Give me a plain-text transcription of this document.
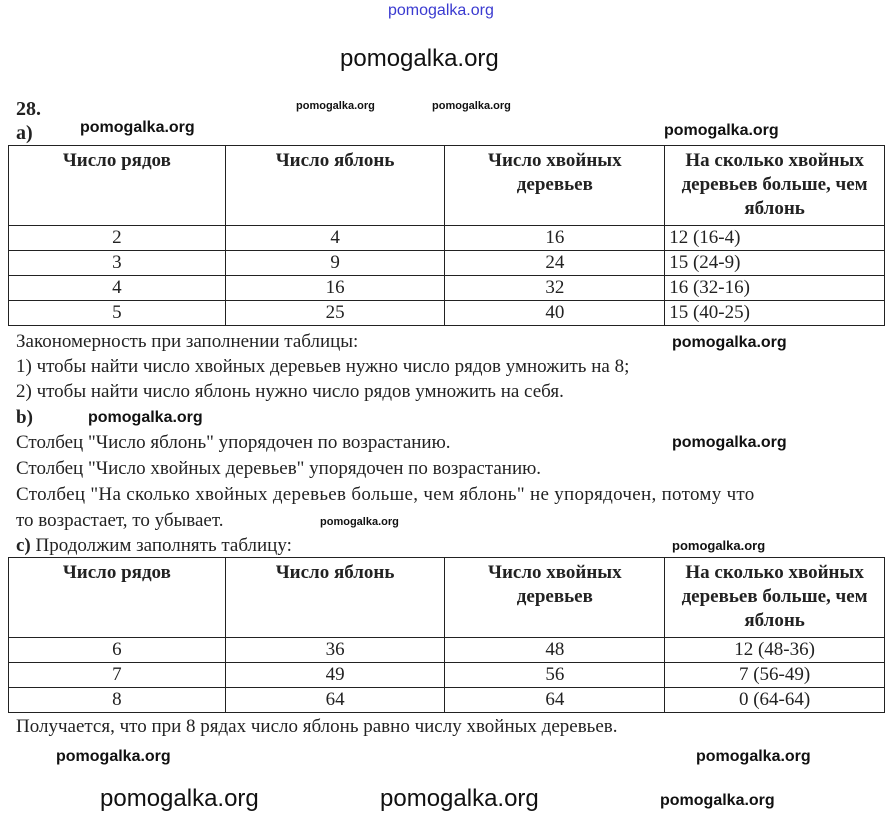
pomogalka.org
28.
a)
Число рядов	Число яблонь	Число хвойных деревьев	На сколько хвойных деревьев больше, чем яблонь
2	4	16	12 (16-4)
3	9	24	15 (24-9)
4	16	32	16 (32-16)
5	25	40	15 (40-25)
Закономерность при заполнении таблицы:
1) чтобы найти число хвойных деревьев нужно число рядов умножить на 8;
2) чтобы найти число яблонь нужно число рядов умножить на себя.
b)
Столбец "Число яблонь" упорядочен по возрастанию.
Столбец "Число хвойных деревьев" упорядочен по возрастанию.
Столбец "На сколько хвойных деревьев больше, чем яблонь" не упорядочен, потому что
то возрастает, то убывает.
c) Продолжим заполнять таблицу:
Число рядов	Число яблонь	Число хвойных деревьев	На сколько хвойных деревьев больше, чем яблонь
6	36	48	12 (48-36)
7	49	56	7 (56-49)
8	64	64	0 (64-64)
Получается, что при 8 рядах число яблонь равно числу хвойных деревьев.
pomogalka.org	pomogalka.org
pomogalka.org	pomogalka.org
pomogalka.org
pomogalka.org
pomogalka.org
pomogalka.org
pomogalka.org
pomogalka.org
pomogalka.org	pomogalka.org
pomogalka.org	pomogalka.org	pomogalka.org
